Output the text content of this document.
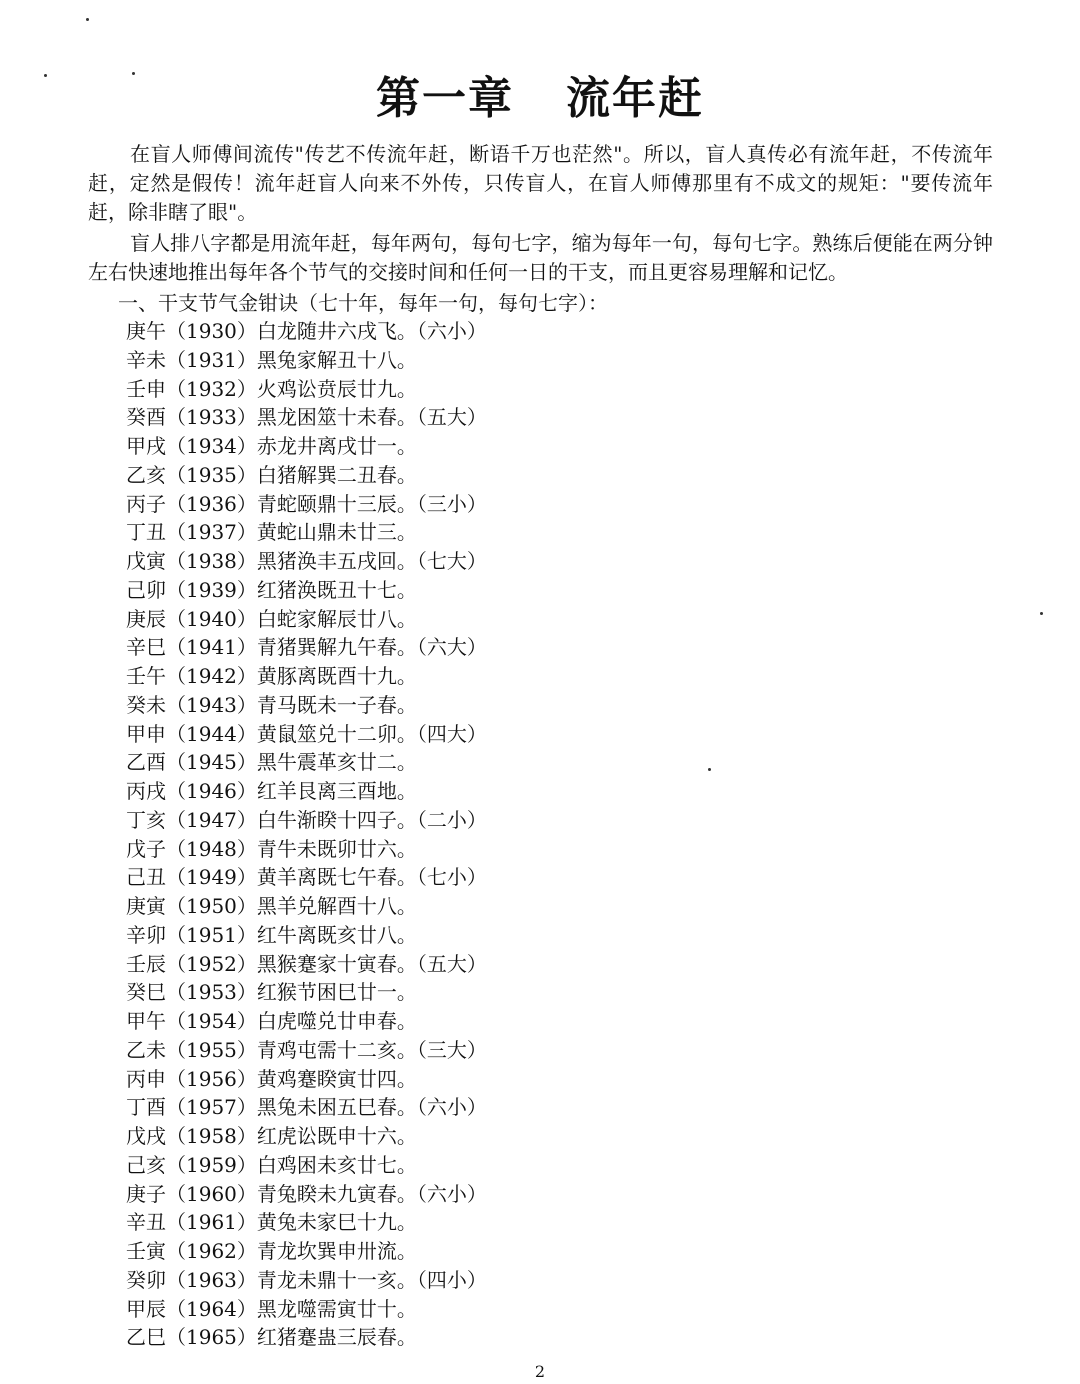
第一章   流年赶

在盲人师傅间流传"传艺不传流年赶，断语千万也茫然"。所以，盲人真传必有流年赶，不传流年赶，定然是假传！流年赶盲人向来不外传，只传盲人，在盲人师傅那里有不成文的规矩："要传流年赶，除非瞎了眼"。

盲人排八字都是用流年赶，每年两句，每句七字，缩为每年一句，每句七字。熟练后便能在两分钟左右快速地推出每年各个节气的交接时间和任何一日的干支，而且更容易理解和记忆。

一、干支节气金钳诀（七十年，每年一句，每句七字）：

庚午（1930）白龙随井六戌飞。（六小）
辛未（1931）黑兔家解丑十八。
壬申（1932）火鸡讼贲辰廿九。
癸酉（1933）黑龙困筮十未春。（五大）
甲戌（1934）赤龙井离戌廿一。
乙亥（1935）白猪解巽二丑春。
丙子（1936）青蛇颐鼎十三辰。（三小）
丁丑（1937）黄蛇山鼎未廿三。
戊寅（1938）黑猪涣丰五戌回。（七大）
己卯（1939）红猪涣既丑十七。
庚辰（1940）白蛇家解辰廿八。
辛巳（1941）青猪巽解九午春。（六大）
壬午（1942）黄豚离既酉十九。
癸未（1943）青马既未一子春。
甲申（1944）黄鼠筮兑十二卯。（四大）
乙酉（1945）黑牛震革亥廿二。
丙戌（1946）红羊艮离三酉地。
丁亥（1947）白牛渐睽十四子。（二小）
戊子（1948）青牛未既卯廿六。
己丑（1949）黄羊离既七午春。（七小）
庚寅（1950）黑羊兑解酉十八。
辛卯（1951）红牛离既亥廿八。
壬辰（1952）黑猴蹇家十寅春。（五大）
癸巳（1953）红猴节困巳廿一。
甲午（1954）白虎噬兑廿申春。
乙未（1955）青鸡屯需十二亥。（三大）
丙申（1956）黄鸡蹇睽寅廿四。
丁酉（1957）黑兔未困五巳春。（六小）
戊戌（1958）红虎讼既申十六。
己亥（1959）白鸡困未亥廿七。
庚子（1960）青兔睽未九寅春。（六小）
辛丑（1961）黄兔未家巳十九。
壬寅（1962）青龙坎巽申卅流。
癸卯（1963）青龙未鼎十一亥。（四小）
甲辰（1964）黑龙噬需寅廿十。
乙巳（1965）红猪蹇蛊三辰春。
2
